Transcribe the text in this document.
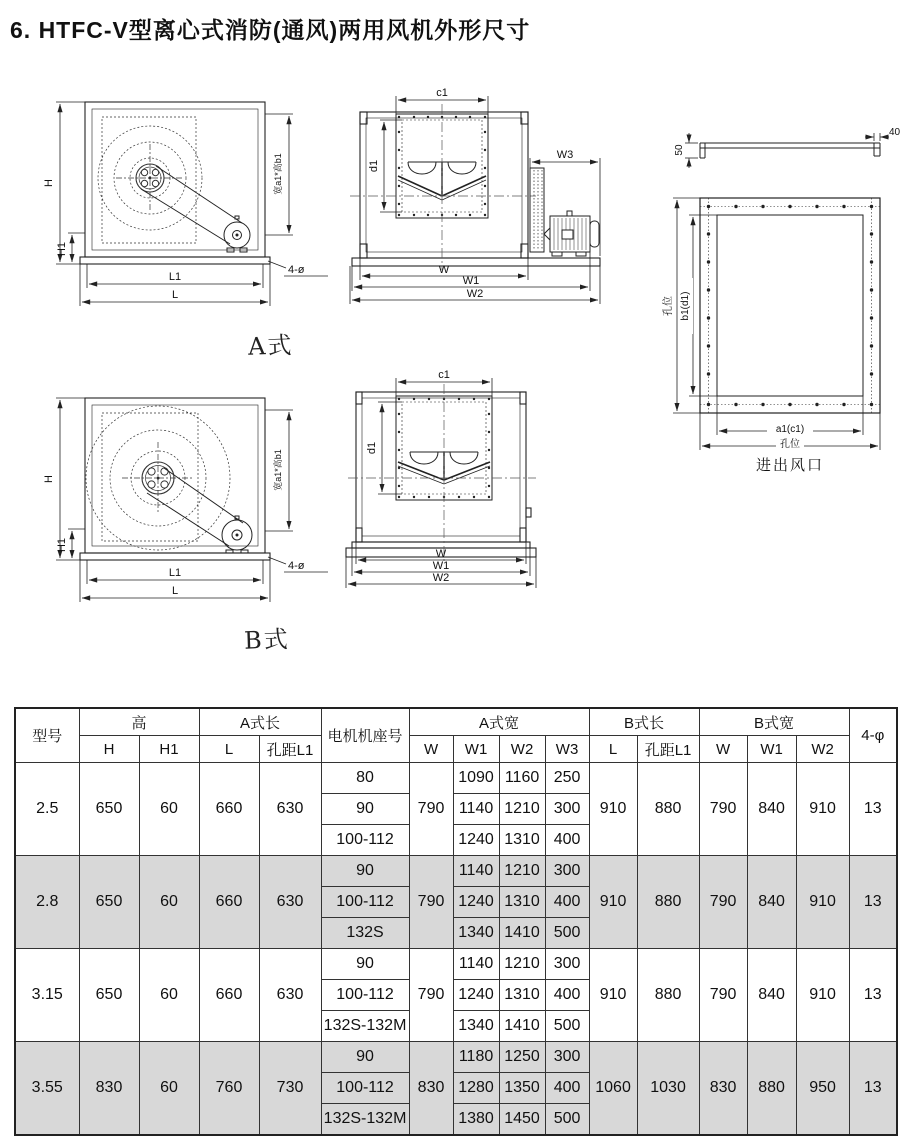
6. HTFC-V型离心式消防(通风)两用风机外形尺寸
H
H1
L1
L
宽a1*高b1
4-ø
A式
c1
d1
W3
W
W1
W2
40
50
孔位 b1(d1)
a1(c1)
孔位
进出风口
H
H1
L1
L
宽a1*高b1
4-ø
B式
c1
d1
W
W1
W2
型号	高		A式长		电机机座号	A式宽				B式长		B式宽			4-φ
	H	H1	L	孔距L1		W	W1	W2	W3	L	孔距L1	W	W1	W2	
2.5	650	60	660	630	80	790	1090	1160	250	910	880	790	840	910	13
					90		1140	1210	300						
					100-112		1240	1310	400						
2.8	650	60	660	630	90	790	1140	1210	300	910	880	790	840	910	13
					100-112		1240	1310	400						
					132S		1340	1410	500						
3.15	650	60	660	630	90	790	1140	1210	300	910	880	790	840	910	13
					100-112		1240	1310	400						
					132S-132M		1340	1410	500						
3.55	830	60	760	730	90	830	1180	1250	300	1060	1030	830	880	950	13
					100-112		1280	1350	400						
					132S-132M		1380	1450	500						
